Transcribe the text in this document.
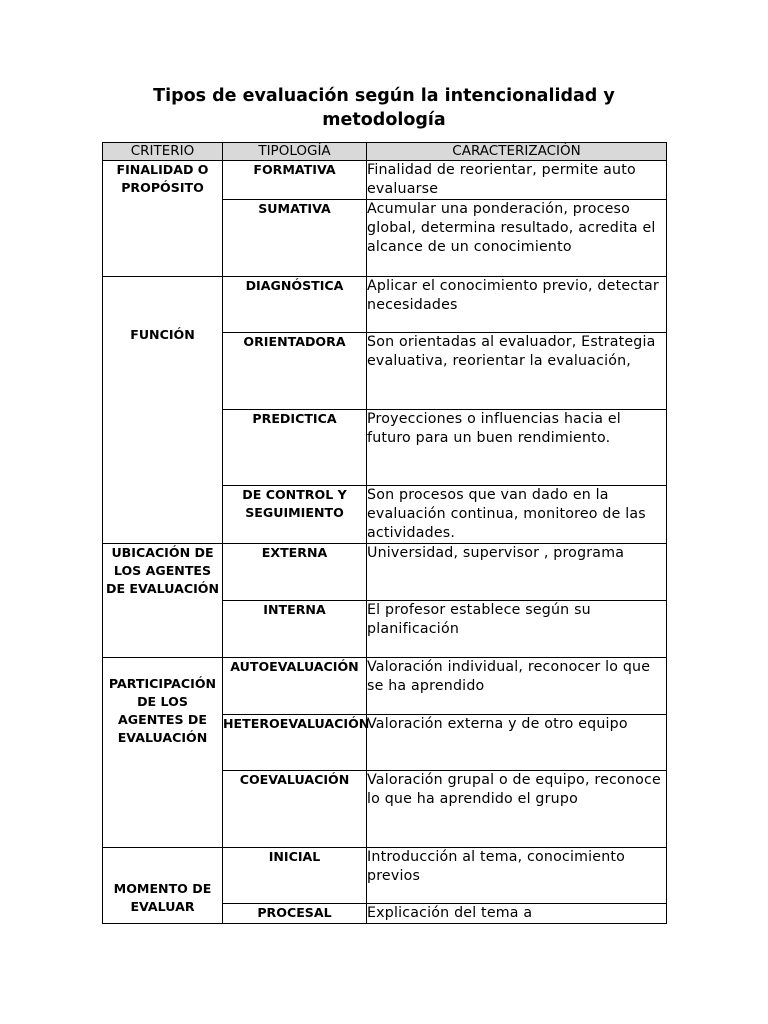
Tipos de evaluación según la intencionalidad y
metodología
CRITERIO	TIPOLOGÍA	CARACTERIZACIÓN
FINALIDAD O PROPÓSITO	FORMATIVA	Finalidad de reorientar, permite auto evaluarse
	SUMATIVA	Acumular una ponderación, proceso global, determina resultado, acredita el alcance de un conocimiento

FUNCIÓN	DIAGNÓSTICA	Aplicar el conocimiento previo, detectar necesidades
	ORIENTADORA	Son orientadas al evaluador, Estrategia evaluativa, reorientar la evaluación,
	PREDICTICA	Proyecciones o influencias hacia el futuro para un buen rendimiento.
	DE CONTROL Y SEGUIMIENTO	Son procesos que van dado en la evaluación continua, monitoreo de las actividades.
UBICACIÓN DE LOS AGENTES DE EVALUACIÓN	EXTERNA	Universidad, supervisor , programa
	INTERNA	El profesor establece según su planificación

PARTICIPACIÓN DE LOS AGENTES DE EVALUACIÓN	AUTOEVALUACIÓN	Valoración individual, reconocer lo que se ha aprendido
	HETEROEVALUACIÓN	Valoración externa y de otro equipo
	COEVALUACIÓN	Valoración grupal o de equipo, reconoce lo que ha aprendido el grupo

MOMENTO DE EVALUAR	INICIAL	Introducción al tema, conocimiento previos
	PROCESAL	Explicación del tema a
